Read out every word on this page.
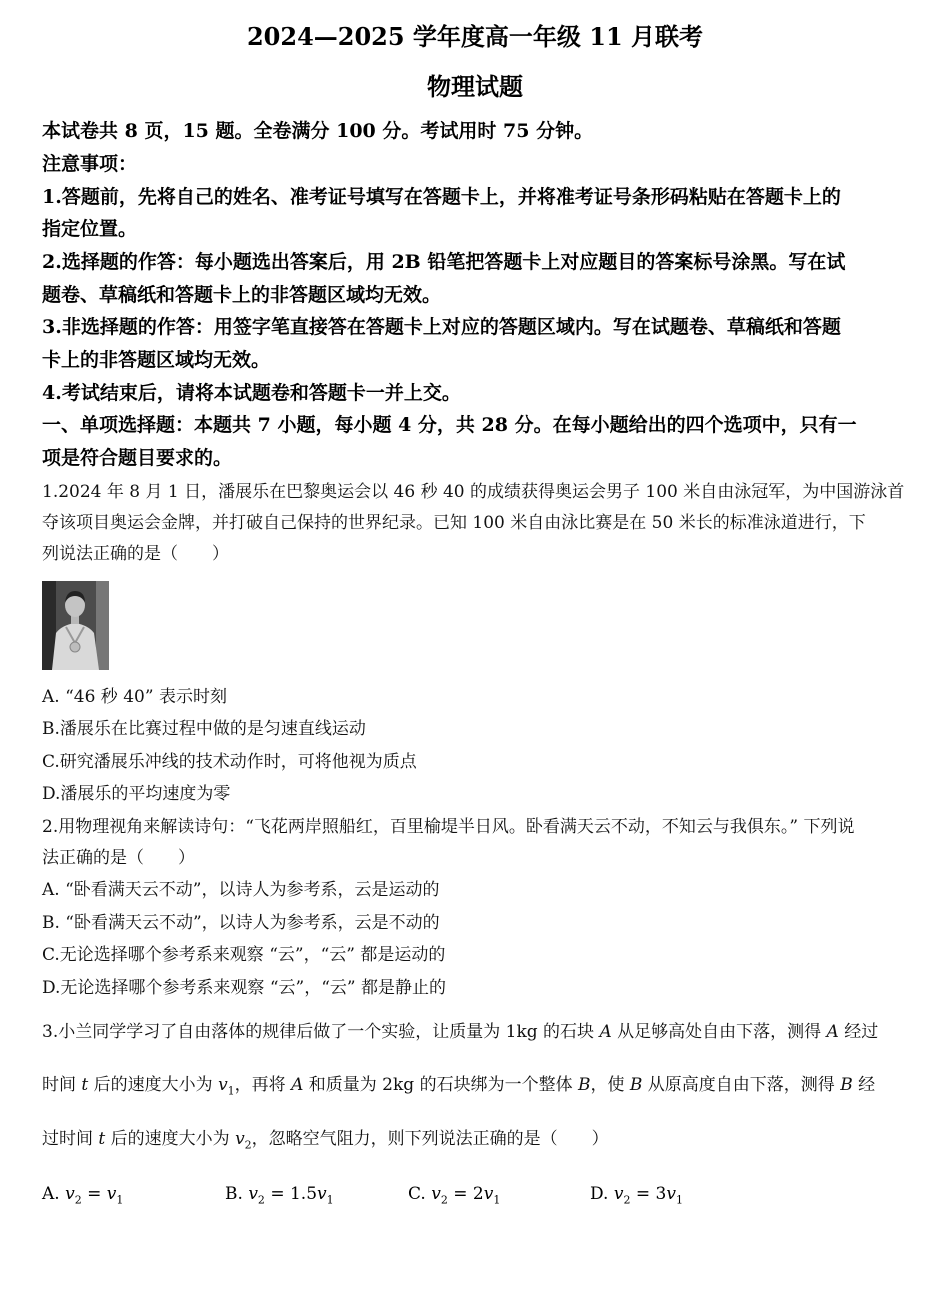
2024—2025 学年度高一年级 11 月联考
物理试题
本试卷共 8 页，15 题。全卷满分 100 分。考试用时 75 分钟。
注意事项：
1.答题前，先将自己的姓名、准考证号填写在答题卡上，并将准考证号条形码粘贴在答题卡上的
指定位置。
2.选择题的作答：每小题选出答案后，用 2B 铅笔把答题卡上对应题目的答案标号涂黑。写在试
题卷、草稿纸和答题卡上的非答题区域均无效。
3.非选择题的作答：用签字笔直接答在答题卡上对应的答题区域内。写在试题卷、草稿纸和答题
卡上的非答题区域均无效。
4.考试结束后，请将本试题卷和答题卡一并上交。
一、单项选择题：本题共 7 小题，每小题 4 分，共 28 分。在每小题给出的四个选项中，只有一
项是符合题目要求的。
1.2024 年 8 月 1 日，潘展乐在巴黎奥运会以 46 秒 40 的成绩获得奥运会男子 100 米自由泳冠军，为中国游泳首
夺该项目奥运会金牌，并打破自己保持的世界纪录。已知 100 米自由泳比赛是在 50 米长的标准泳道进行，下
列说法正确的是（　　）
A. “46 秒 40” 表示时刻
B.潘展乐在比赛过程中做的是匀速直线运动
C.研究潘展乐冲线的技术动作时，可将他视为质点
D.潘展乐的平均速度为零
2.用物理视角来解读诗句：“飞花两岸照船红，百里榆堤半日风。卧看满天云不动，不知云与我俱东。” 下列说
法正确的是（　　）
A. “卧看满天云不动”，以诗人为参考系，云是运动的
B. “卧看满天云不动”，以诗人为参考系，云是不动的
C.无论选择哪个参考系来观察 “云”，“云” 都是运动的
D.无论选择哪个参考系来观察 “云”，“云” 都是静止的
3.小兰同学学习了自由落体的规律后做了一个实验，让质量为 1kg 的石块 A 从足够高处自由下落，测得 A 经过
时间 t 后的速度大小为 $v_1$，再将 A 和质量为 2kg 的石块绑为一个整体 B，使 B 从原高度自由下落，测得 B 经
过时间 t 后的速度大小为 $v_2$，忽略空气阻力，则下列说法正确的是（　　）
A. $v_2 = v_1$	B. $v_2 = 1.5v_1$	C. $v_2 = 2v_1$	D. $v_2 = 3v_1$
